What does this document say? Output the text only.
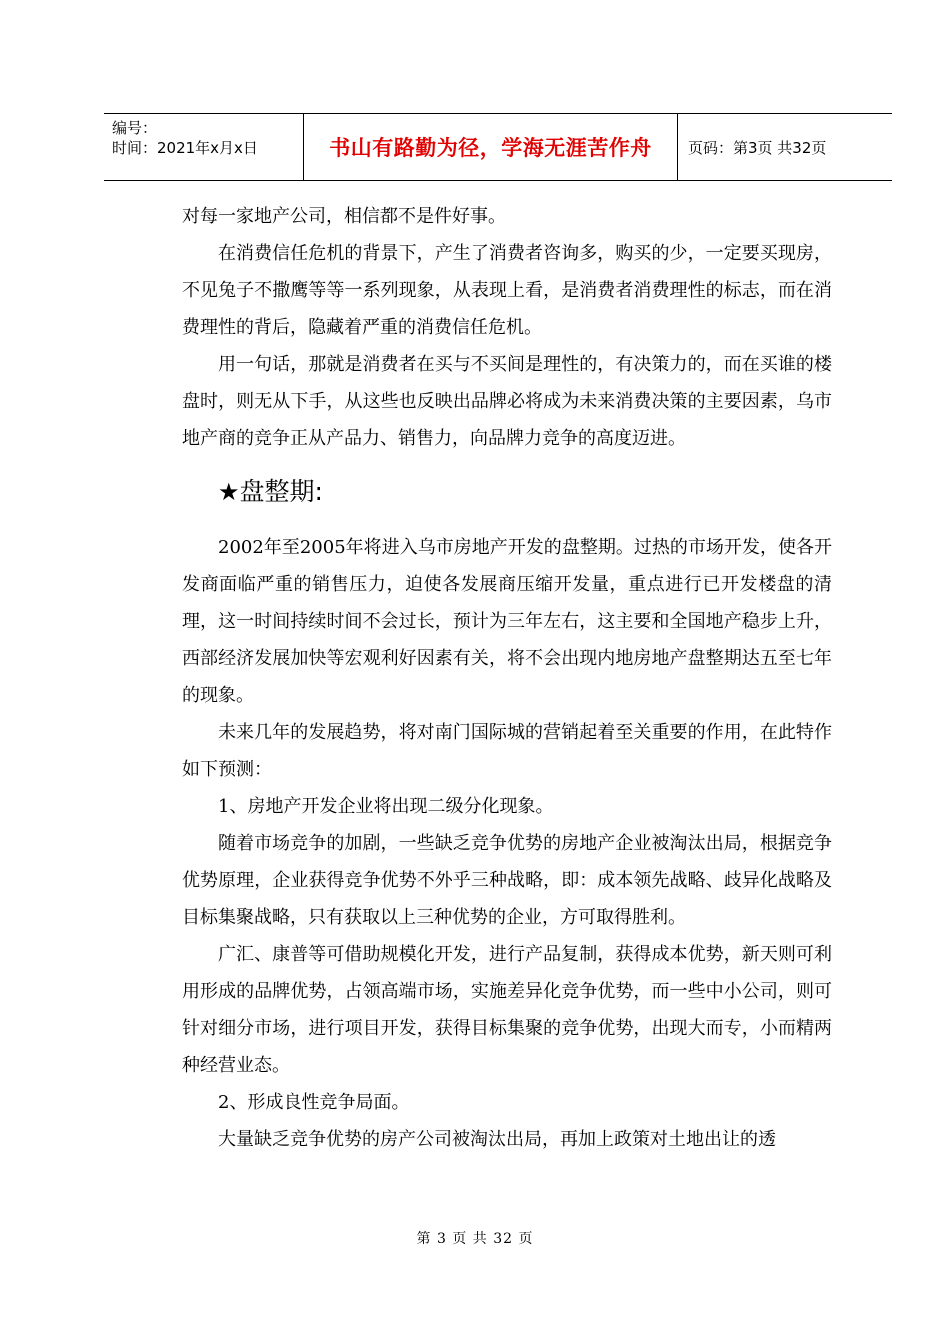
编号：
时间：2021年x月x日	书山有路勤为径，学海无涯苦作舟	页码：第3页 共32页

对每一家地产公司，相信都不是件好事。

在消费信任危机的背景下，产生了消费者咨询多，购买的少，一定要买现房，不见兔子不撒鹰等等一系列现象，从表现上看，是消费者消费理性的标志，而在消费理性的背后，隐藏着严重的消费信任危机。

用一句话，那就是消费者在买与不买间是理性的，有决策力的，而在买谁的楼盘时，则无从下手，从这些也反映出品牌必将成为未来消费决策的主要因素，乌市地产商的竞争正从产品力、销售力，向品牌力竞争的高度迈进。

★盘整期:

2002年至2005年将进入乌市房地产开发的盘整期。过热的市场开发，使各开发商面临严重的销售压力，迫使各发展商压缩开发量，重点进行已开发楼盘的清理，这一时间持续时间不会过长，预计为三年左右，这主要和全国地产稳步上升，西部经济发展加快等宏观利好因素有关，将不会出现内地房地产盘整期达五至七年的现象。

未来几年的发展趋势，将对南门国际城的营销起着至关重要的作用，在此特作如下预测：

1、房地产开发企业将出现二级分化现象。

随着市场竞争的加剧，一些缺乏竞争优势的房地产企业被淘汰出局，根据竞争优势原理，企业获得竞争优势不外乎三种战略，即：成本领先战略、歧异化战略及目标集聚战略，只有获取以上三种优势的企业，方可取得胜利。

广汇、康普等可借助规模化开发，进行产品复制，获得成本优势，新天则可利用形成的品牌优势，占领高端市场，实施差异化竞争优势，而一些中小公司，则可针对细分市场，进行项目开发，获得目标集聚的竞争优势，出现大而专，小而精两种经营业态。

2、形成良性竞争局面。

大量缺乏竞争优势的房产公司被淘汰出局，再加上政策对土地出让的透

第 3 页 共 32 页
